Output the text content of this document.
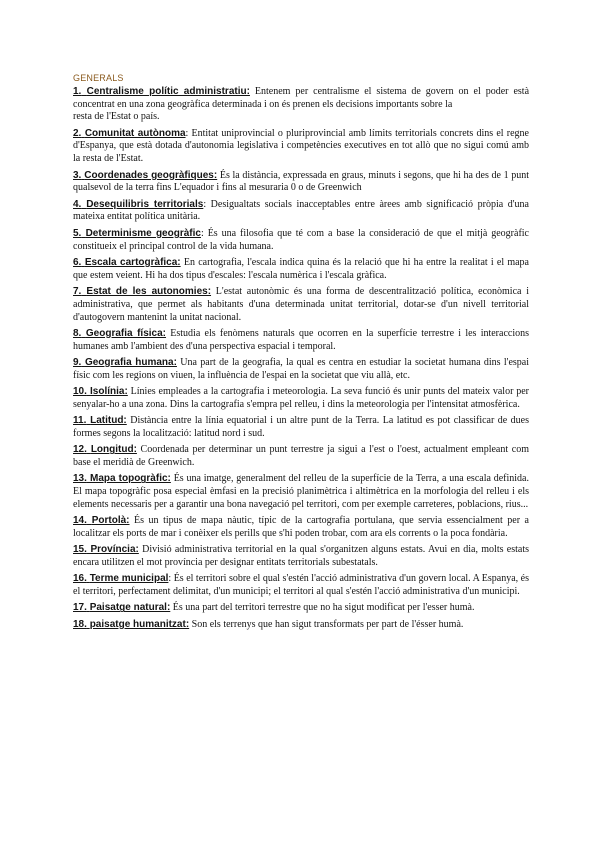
GENERALS

1. Centralisme polític administratiu: Entenem per centralisme el sistema de govern on el poder està concentrat en una zona geogràfica determinada i on és prenen els decisions importants sobre la
resta de l'Estat o país.

2. Comunitat autònoma: Entitat uniprovincial o pluriprovincial amb límits territorials concrets dins el regne d'Espanya, que està dotada d'autonomia legislativa i competències executives en tot allò que no sigui comú amb la resta de l'Estat.

3. Coordenades geogràfiques: És la distància, expressada en graus, minuts i segons, que hi ha des de 1 punt qualsevol de la terra fins L'equador i fins al mesuraria 0 o de Greenwich

4. Desequilibris territorials: Desigualtats socials inacceptables entre àrees amb significació pròpia d'una mateixa entitat política unitària.

5. Determinisme geogràfic: És una filosofia que té com a base la consideració de que el mitjà geogràfic constitueix el principal control de la vida humana.

6. Escala cartogràfica: En cartografia, l'escala indica quina és la relació que hi ha entre la realitat i el mapa que estem veient. Hi ha dos tipus d'escales: l'escala numèrica i l'escala gràfica.

7. Estat de les autonomies: L'estat autonòmic és una forma de descentralització política, econòmica i administrativa, que permet als habitants d'una determinada unitat territorial, dotar-se d'un nivell territorial d'autogovern mantenint la unitat nacional.

8. Geografia física: Estudia els fenòmens naturals que ocorren en la superfície terrestre i les interaccions humanes amb l'ambient des d'una perspectiva espacial i temporal.

9. Geografia humana: Una part de la geografia, la qual es centra en estudiar la societat humana dins l'espai físic com les regions on viuen, la influència de l'espai en la societat que viu allà, etc.

10. Isolínia: Línies empleades a la cartografia i meteorologia. La seva funció és unir punts del mateix valor per senyalar-ho a una zona. Dins la cartografia s'empra pel relleu, i dins la meteorologia per l'intensitat atmosfèrica.

11. Latitud: Distància entre la línia equatorial i un altre punt de la Terra. La latitud es pot classificar de dues formes segons la localització: latitud nord i sud.

12. Longitud: Coordenada per determinar un punt terrestre ja sigui a l'est o l'oest, actualment empleant com base el meridià de Greenwich.

13. Mapa topogràfic: És una imatge, generalment del relleu de la superfície de la Terra, a una escala definida. El mapa topogràfic posa especial èmfasi en la precisió planimètrica i altimètrica en la morfologia del relleu i els elements necessaris per a garantir una bona navegació pel territori, com per exemple carreteres, poblacions, rius...

14. Portolà: És un tipus de mapa nàutic, típic de la cartografia portulana, que servia essencialment per a localitzar els ports de mar i conèixer els perills que s'hi poden trobar, com ara els corrents o la poca fondària.

15. Província: Divisió administrativa territorial en la qual s'organitzen alguns estats. Avui en dia, molts estats encara utilitzen el mot província per designar entitats territorials subestatals.

16. Terme municipal: És el territori sobre el qual s'estén l'acció administrativa d'un govern local. A Espanya, és el territori, perfectament delimitat, d'un municipi; el territori al qual s'estén l'acció administrativa d'un municipi.

17. Paisatge natural: És una part del territori terrestre que no ha sigut modificat per l'esser humà.

18. paisatge humanitzat: Son els terrenys que han sigut transformats per part de l'ésser humà.
